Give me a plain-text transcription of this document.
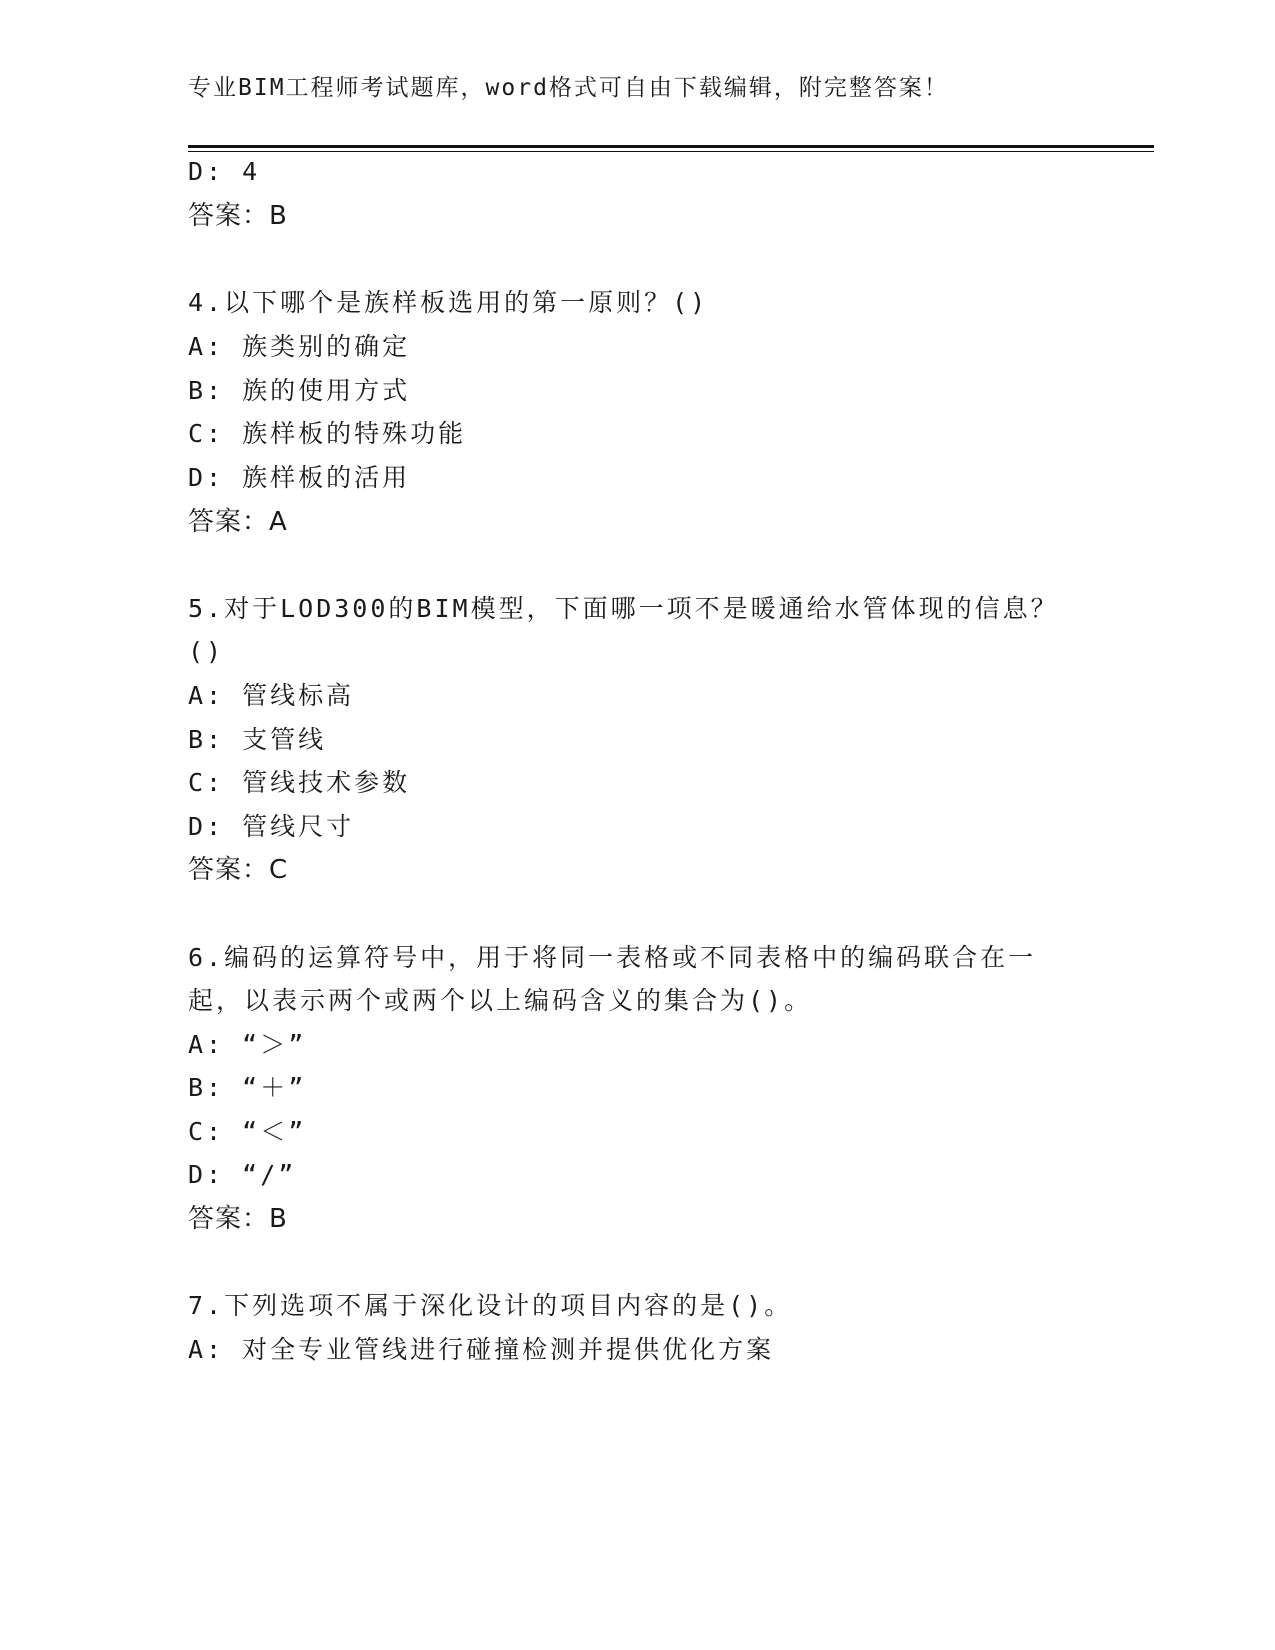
专业BIM工程师考试题库，word格式可自由下载编辑，附完整答案！
D: 4
答案：B
4.以下哪个是族样板选用的第一原则？()
A: 族类别的确定
B: 族的使用方式
C: 族样板的特殊功能
D: 族样板的活用
答案：A
5.对于LOD300的BIM模型，下面哪一项不是暖通给水管体现的信息？
()
A: 管线标高
B: 支管线
C: 管线技术参数
D: 管线尺寸
答案：C
6.编码的运算符号中，用于将同一表格或不同表格中的编码联合在一
起，以表示两个或两个以上编码含义的集合为()。
A: “＞”
B: “＋”
C: “＜”
D: “/”
答案：B
7.下列选项不属于深化设计的项目内容的是()。
A: 对全专业管线进行碰撞检测并提供优化方案
